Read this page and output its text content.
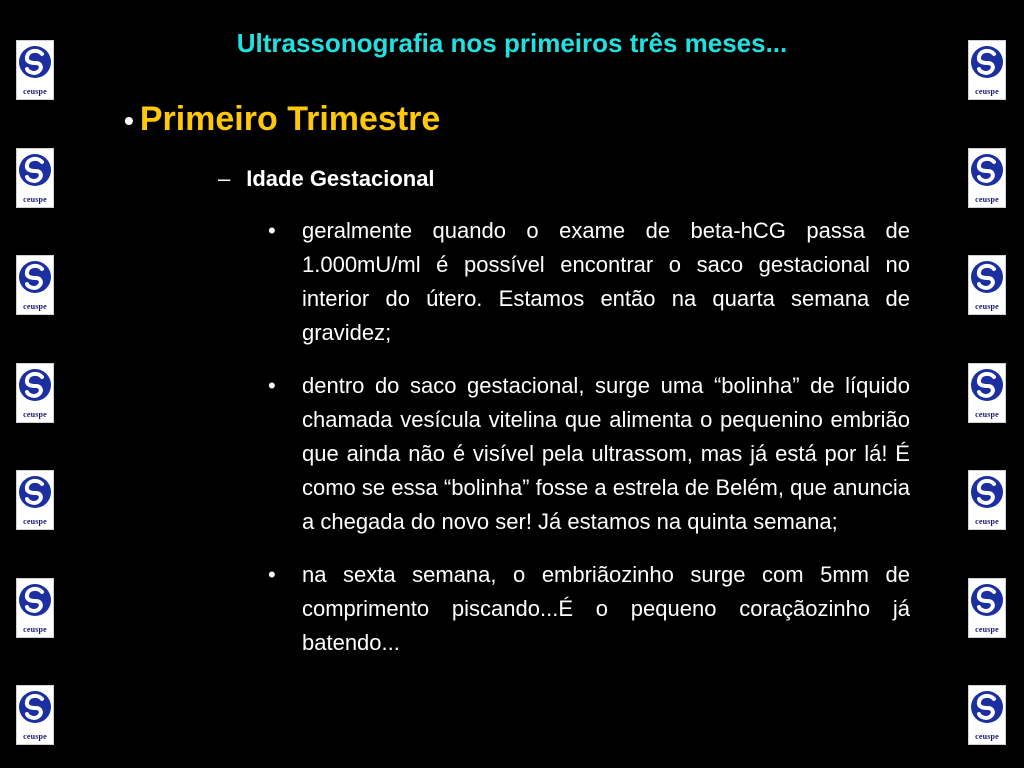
ceuspe
ceuspe
ceuspe
ceuspe
ceuspe
ceuspe
ceuspe
ceuspe
ceuspe
ceuspe
ceuspe
ceuspe
ceuspe
ceuspe
Ultrassonografia nos primeiros três meses...
• Primeiro Trimestre
– Idade Gestacional
• geralmente quando o exame de beta-hCG passa de 1.000mU/ml é possível encontrar o saco gestacional no interior do útero. Estamos então na quarta semana de gravidez;
• dentro do saco gestacional, surge uma “bolinha” de líquido chamada vesícula vitelina que alimenta o pequenino embrião que ainda não é visível pela ultrassom, mas já está por lá! É como se essa “bolinha” fosse a estrela de Belém, que anuncia a chegada do novo ser! Já estamos na quinta semana;
• na sexta semana, o embriãozinho surge com 5mm de comprimento piscando...É o pequeno coraçãozinho já batendo...
